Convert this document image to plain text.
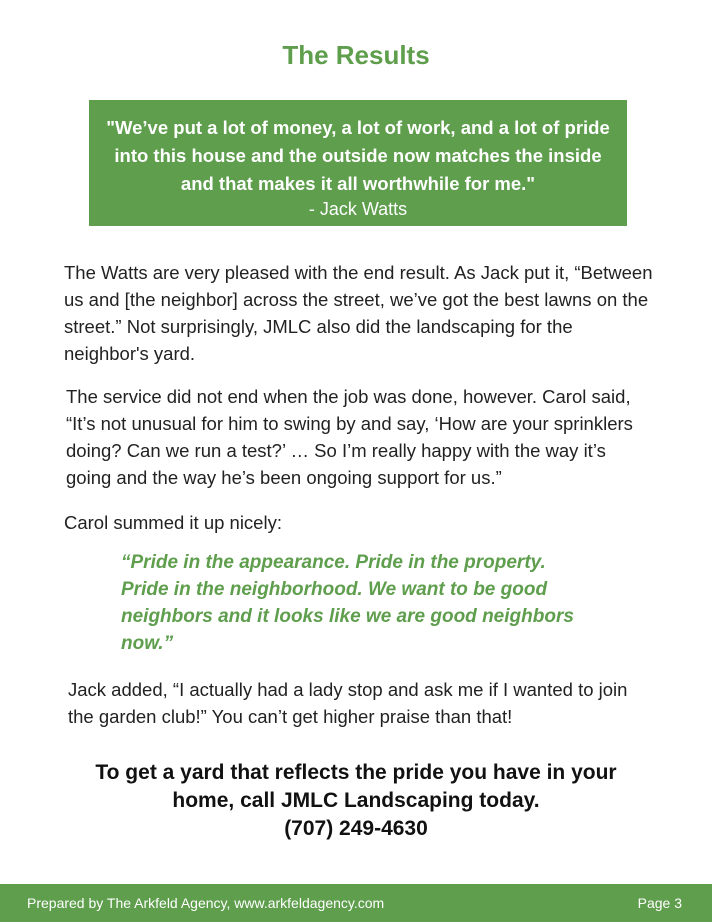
The Results
"We’ve put a lot of money, a lot of work, and a lot of pride into this house and the outside now matches the inside and that makes it all worthwhile for me."
- Jack Watts

The Watts are very pleased with the end result. As Jack put it, “Between us and [the neighbor] across the street, we’ve got the best lawns on the street.” Not surprisingly, JMLC also did the landscaping for the neighbor's yard.

The service did not end when the job was done, however. Carol said, “It’s not unusual for him to swing by and say, ‘How are your sprinklers doing? Can we run a test?’ … So I’m really happy with the way it’s going and the way he’s been ongoing support for us.”

Carol summed it up nicely:

“Pride in the appearance. Pride in the property. Pride in the neighborhood. We want to be good neighbors and it looks like we are good neighbors now.”

Jack added, “I actually had a lady stop and ask me if I wanted to join the garden club!” You can’t get higher praise than that!

To get a yard that reflects the pride you have in your
home, call JMLC Landscaping today.
(707) 249-4630
Prepared by The Arkfeld Agency, www.arkfeldagency.com	Page 3
